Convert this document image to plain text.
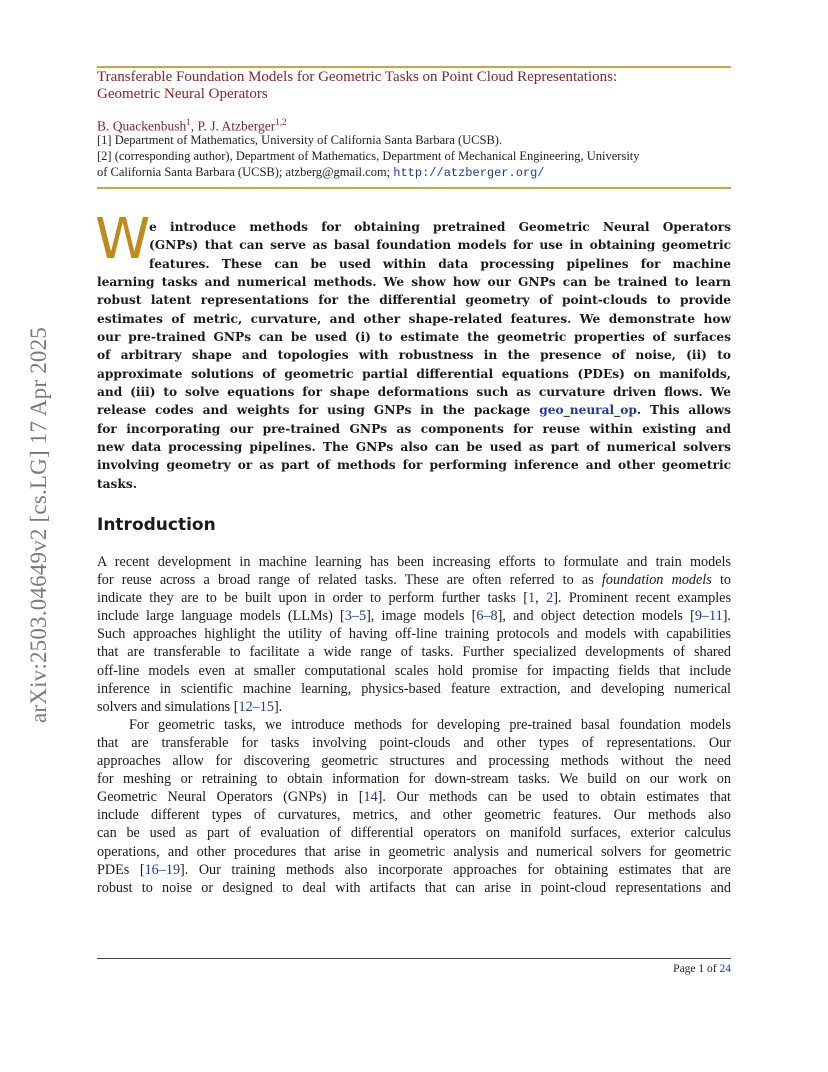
arXiv:2503.04649v2 [cs.LG] 17 Apr 2025
Transferable Foundation Models for Geometric Tasks on Point Cloud Representations:
Geometric Neural Operators
B. Quackenbush$^1$, P. J. Atzberger$^{1,2}$
[1] Department of Mathematics, University of California Santa Barbara (UCSB).
[2] (corresponding author), Department of Mathematics, Department of Mechanical Engineering, University
of California Santa Barbara (UCSB); atzberg@gmail.com; http://atzberger.org/
W
e introduce methods for obtaining pretrained Geometric Neural Operators
(GNPs) that can serve as basal foundation models for use in obtaining geometric
features. These can be used within data processing pipelines for machine
learning tasks and numerical methods. We show how our GNPs can be trained to learn
robust latent representations for the differential geometry of point-clouds to provide
estimates of metric, curvature, and other shape-related features. We demonstrate how
our pre-trained GNPs can be used (i) to estimate the geometric properties of surfaces
of arbitrary shape and topologies with robustness in the presence of noise, (ii) to
approximate solutions of geometric partial differential equations (PDEs) on manifolds,
and (iii) to solve equations for shape deformations such as curvature driven flows. We
release codes and weights for using GNPs in the package geo_neural_op. This allows
for incorporating our pre-trained GNPs as components for reuse within existing and
new data processing pipelines. The GNPs also can be used as part of numerical solvers
involving geometry or as part of methods for performing inference and other geometric
tasks.
Introduction
A recent development in machine learning has been increasing efforts to formulate and train models
for reuse across a broad range of related tasks. These are often referred to as foundation models to
indicate they are to be built upon in order to perform further tasks [1, 2]. Prominent recent examples
include large language models (LLMs) [3–5], image models [6–8], and object detection models [9–11].
Such approaches highlight the utility of having off-line training protocols and models with capabilities
that are transferable to facilitate a wide range of tasks. Further specialized developments of shared
off-line models even at smaller computational scales hold promise for impacting fields that include
inference in scientific machine learning, physics-based feature extraction, and developing numerical
solvers and simulations [12–15].
For geometric tasks, we introduce methods for developing pre-trained basal foundation models
that are transferable for tasks involving point-clouds and other types of representations. Our
approaches allow for discovering geometric structures and processing methods without the need
for meshing or retraining to obtain information for down-stream tasks. We build on our work on
Geometric Neural Operators (GNPs) in [14]. Our methods can be used to obtain estimates that
include different types of curvatures, metrics, and other geometric features. Our methods also
can be used as part of evaluation of differential operators on manifold surfaces, exterior calculus
operations, and other procedures that arise in geometric analysis and numerical solvers for geometric
PDEs [16–19]. Our training methods also incorporate approaches for obtaining estimates that are
robust to noise or designed to deal with artifacts that can arise in point-cloud representations and
Page 1 of 24
